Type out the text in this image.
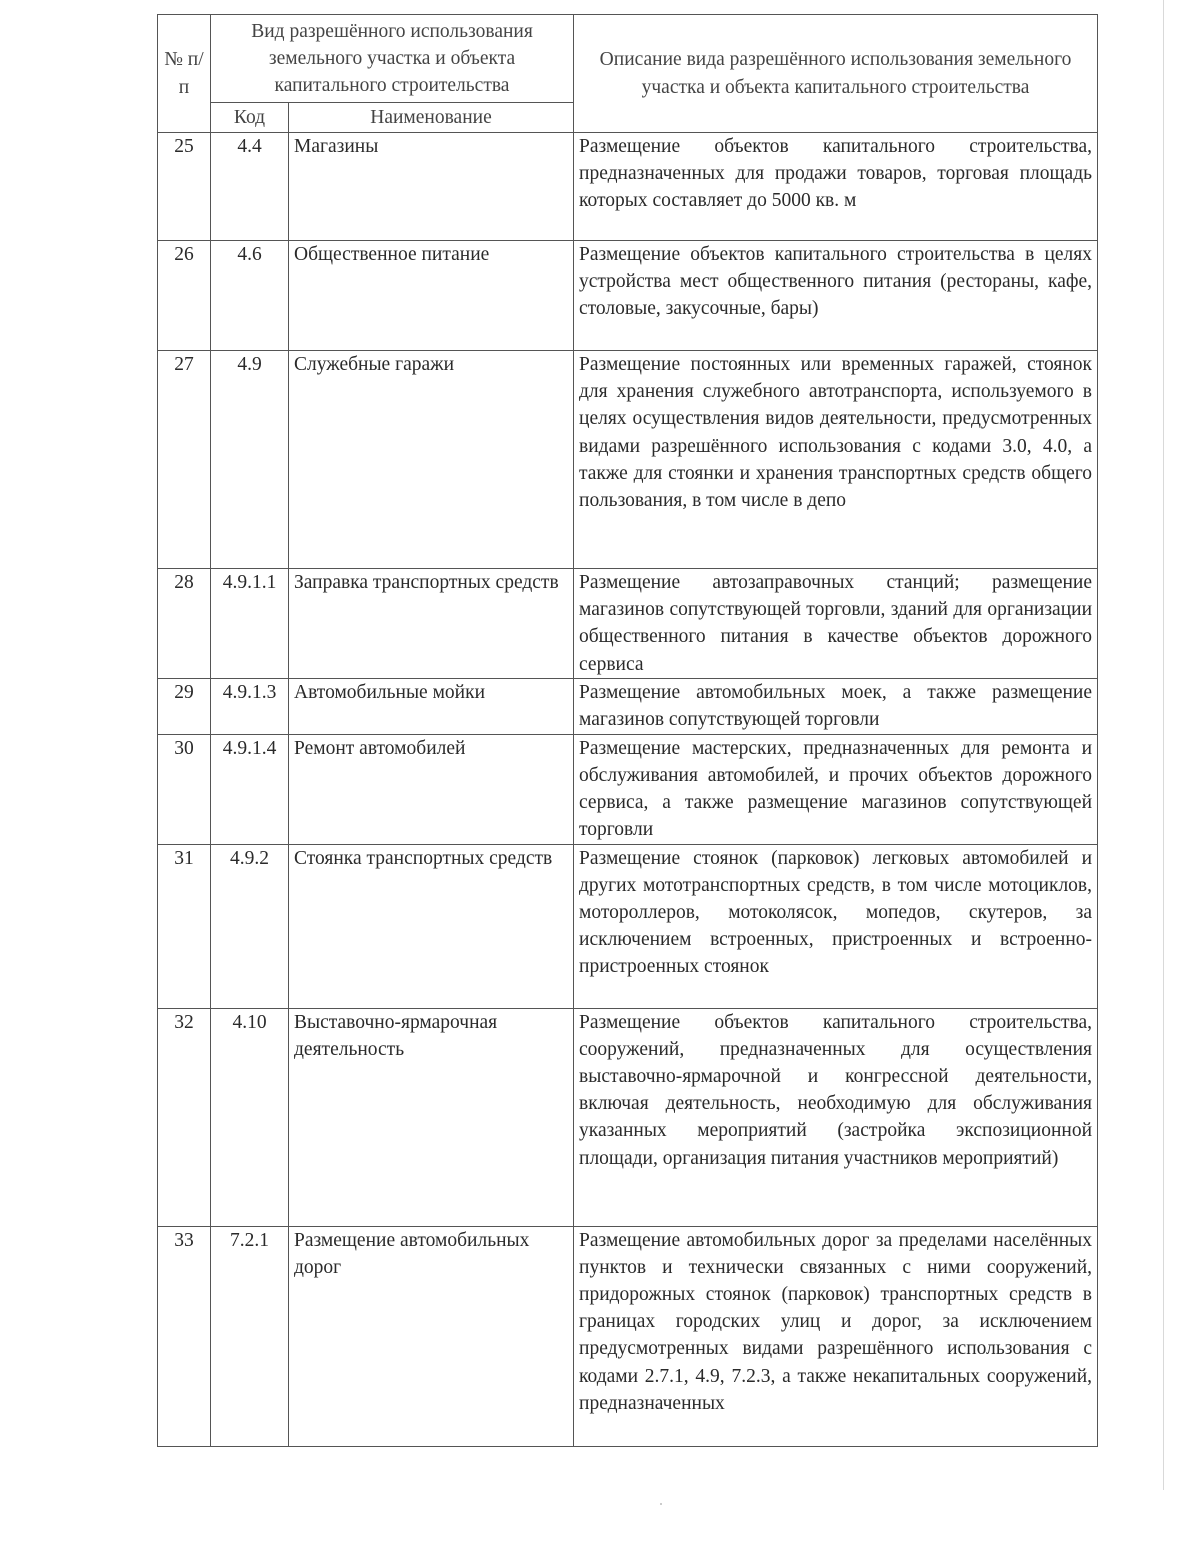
№ п/п	Вид разрешённого использования земельного участка и объекта капитального строительства		Описание вида разрешённого использования земельного участка и объекта капитального строительства
	Код	Наименование	
25	4.4	Магазины	Размещение объектов капитального строительства, предназначенных для продажи товаров, торговая площадь которых составляет до 5000 кв. м
26	4.6	Общественное питание	Размещение объектов капитального строительства в целях устройства мест общественного питания (рестораны, кафе, столовые, закусочные, бары)
27	4.9	Служебные гаражи	Размещение постоянных или временных гаражей, стоянок для хранения служебного автотранспорта, используемого в целях осуществления видов деятельности, предусмотренных видами разрешённого использования с кодами 3.0, 4.0, а также для стоянки и хранения транспортных средств общего пользования, в том числе в депо
28	4.9.1.1	Заправка транспортных средств	Размещение автозаправочных станций; размещение магазинов сопутствующей торговли, зданий для организации общественного питания в качестве объектов дорожного сервиса
29	4.9.1.3	Автомобильные мойки	Размещение автомобильных моек, а также размещение магазинов сопутствующей торговли
30	4.9.1.4	Ремонт автомобилей	Размещение мастерских, предназначенных для ремонта и обслуживания автомобилей, и прочих объектов дорожного сервиса, а также размещение магазинов сопутствующей торговли
31	4.9.2	Стоянка транспортных средств	Размещение стоянок (парковок) легковых автомобилей и других мототранспортных средств, в том числе мотоциклов, мотороллеров, мотоколясок, мопедов, скутеров, за исключением встроенных, пристроенных и встроенно-пристроенных стоянок
32	4.10	Выставочно-ярмарочная деятельность	Размещение объектов капитального строительства, сооружений, предназначенных для осуществления выставочно-ярмарочной и конгрессной деятельности, включая деятельность, необходимую для обслуживания указанных мероприятий (застройка экспозиционной площади, организация питания участников мероприятий)
33	7.2.1	Размещение автомобильных дорог	Размещение автомобильных дорог за пределами населённых пунктов и технически связанных с ними сооружений, придорожных стоянок (парковок) транспортных средств в границах городских улиц и дорог, за исключением предусмотренных видами разрешённого использования с кодами 2.7.1, 4.9, 7.2.3, а также некапитальных сооружений, предназначенных
